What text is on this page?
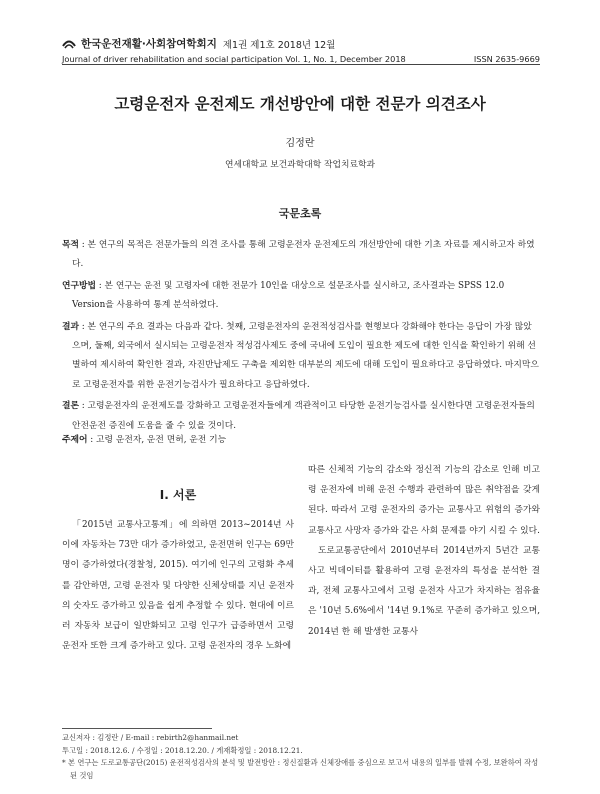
한국운전재활·사회참여학회지 제1권 제1호 2018년 12월
Journal of driver rehabilitation and social participation Vol. 1, No. 1, December 2018	ISSN 2635-9669
고령운전자 운전제도 개선방안에 대한 전문가 의견조사
김정란
연세대학교 보건과학대학 작업치료학과
국문초록

목적 : 본 연구의 목적은 전문가들의 의견 조사를 통해 고령운전자 운전제도의 개선방안에 대한 기초 자료를 제시하고자 하였다.

연구방법 : 본 연구는 운전 및 고령자에 대한 전문가 10인을 대상으로 설문조사를 실시하고, 조사결과는 SPSS 12.0 Version을 사용하여 통계 분석하였다.

결과 : 본 연구의 주요 결과는 다음과 같다. 첫째, 고령운전자의 운전적성검사를 현행보다 강화해야 한다는 응답이 가장 많았으며, 둘째, 외국에서 실시되는 고령운전자 적성검사제도 중에 국내에 도입이 필요한 제도에 대한 인식을 확인하기 위해 선별하여 제시하여 확인한 결과, 자진반납제도 구축을 제외한 대부분의 제도에 대해 도입이 필요하다고 응답하였다. 마지막으로 고령운전자를 위한 운전기능검사가 필요하다고 응답하였다.

결론 : 고령운전자의 운전제도를 강화하고 고령운전자들에게 객관적이고 타당한 운전기능검사를 실시한다면 고령운전자들의 안전운전 증진에 도움을 줄 수 있을 것이다.

주제어 : 고령 운전자, 운전 면허, 운전 기능
Ⅰ. 서론

「2015년 교통사고통계」에 의하면 2013~2014년 사이에 자동차는 73만 대가 증가하였고, 운전면허 인구는 69만 명이 증가하였다(경찰청, 2015). 여기에 인구의 고령화 추세를 감안하면, 고령 운전자 및 다양한 신체상태를 지닌 운전자의 숫자도 증가하고 있음을 쉽게 추정할 수 있다. 현대에 이르러 자동차 보급이 일반화되고 고령 인구가 급증하면서 고령 운전자 또한 크게 증가하고 있다. 고령 운전자의 경우 노화에

따른 신체적 기능의 감소와 정신적 기능의 감소로 인해 비고령 운전자에 비해 운전 수행과 관련하여 많은 취약점을 갖게 된다. 따라서 고령 운전자의 증가는 교통사고 위험의 증가와 교통사고 사망자 증가와 같은 사회 문제를 야기 시킬 수 있다.

도로교통공단에서 2010년부터 2014년까지 5년간 교통사고 빅데이터를 활용하여 고령 운전자의 특성을 분석한 결과, 전체 교통사고에서 고령 운전자 사고가 차지하는 점유율은 '10년 5.6%에서 '14년 9.1%로 꾸준히 증가하고 있으며, 2014년 한 해 발생한 교통사

교신저자 : 김정란 / E-mail : rebirth2@hanmail.net
투고일 : 2018.12.6. / 수정일 : 2018.12.20. / 게재확정일 : 2018.12.21.
* 본 연구는 도로교통공단(2015) 운전적성검사의 분석 및 발전방안 : 정신질환과 신체장애를 중심으로 보고서 내용의 일부를 발췌 수정, 보완하여 작성된 것임
